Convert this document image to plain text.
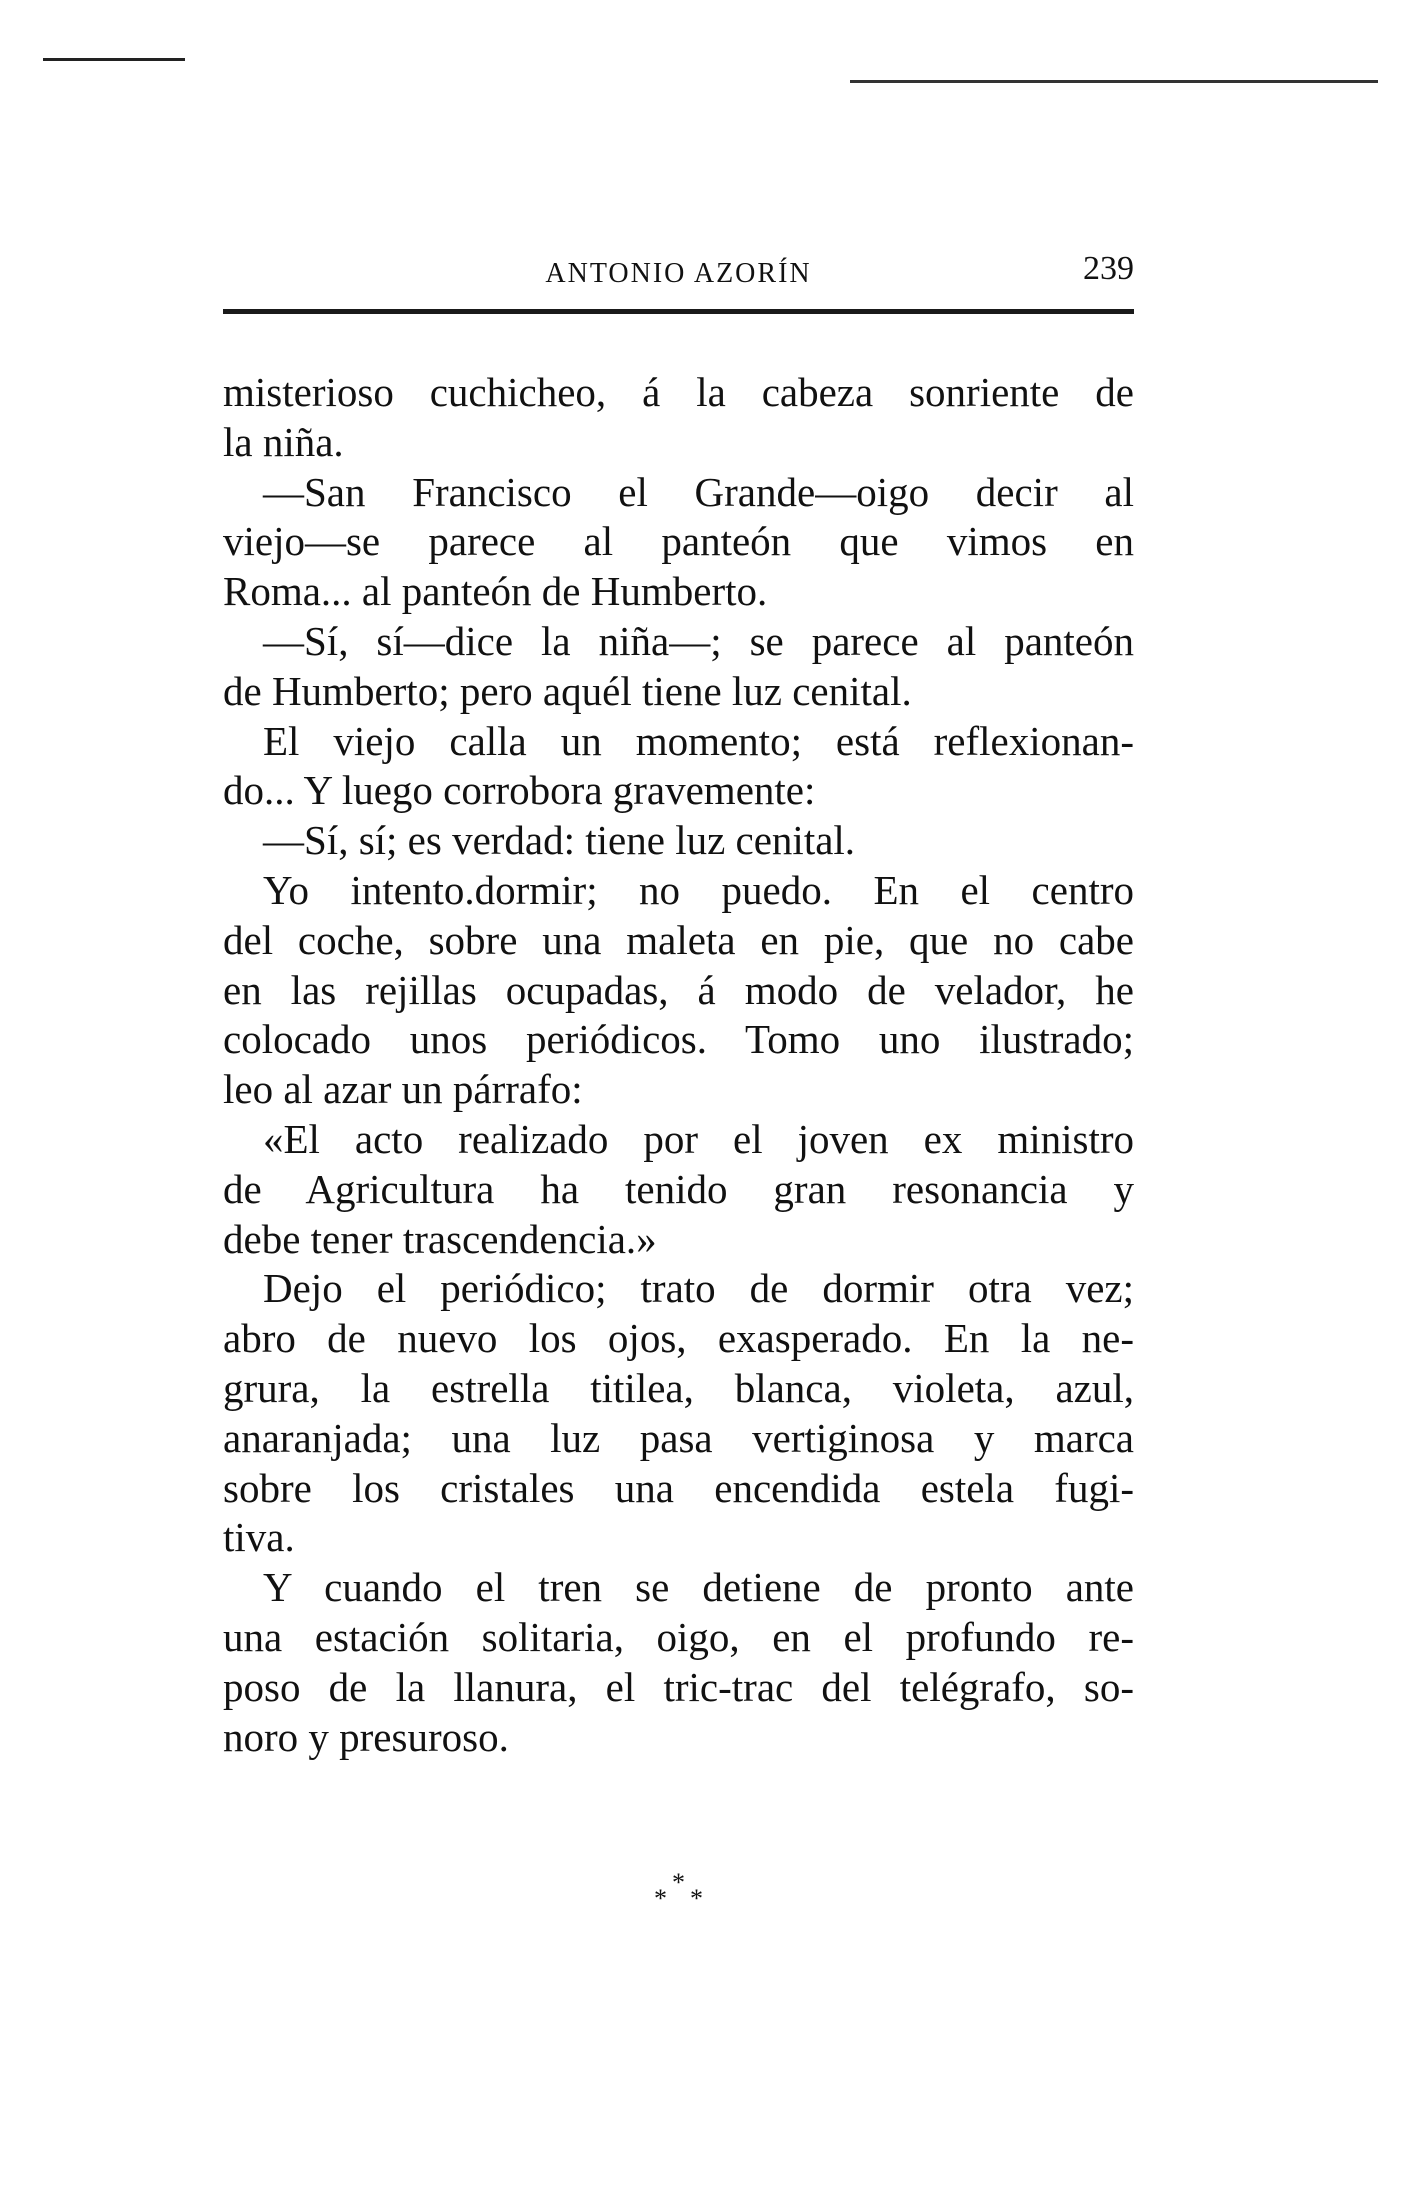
ANTONIO AZORÍN	239
misterioso cuchicheo, á la cabeza sonriente de
la niña.
—San Francisco el Grande—oigo decir al
viejo—se parece al panteón que vimos en
Roma... al panteón de Humberto.
—Sí, sí—dice la niña—; se parece al panteón
de Humberto; pero aquél tiene luz cenital.
El viejo calla un momento; está reflexionan-
do... Y luego corrobora gravemente:
—Sí, sí; es verdad: tiene luz cenital.
Yo intento.dormir; no puedo. En el centro
del coche, sobre una maleta en pie, que no cabe
en las rejillas ocupadas, á modo de velador, he
colocado unos periódicos. Tomo uno ilustrado;
leo al azar un párrafo:
«El acto realizado por el joven ex ministro
de Agricultura ha tenido gran resonancia y
debe tener trascendencia.»
Dejo el periódico; trato de dormir otra vez;
abro de nuevo los ojos, exasperado. En la ne-
grura, la estrella titilea, blanca, violeta, azul,
anaranjada; una luz pasa vertiginosa y marca
sobre los cristales una encendida estela fugi-
tiva.
Y cuando el tren se detiene de pronto ante
una estación solitaria, oigo, en el profundo re-
poso de la llanura, el tric-trac del telégrafo, so-
noro y presuroso.
*
* *
